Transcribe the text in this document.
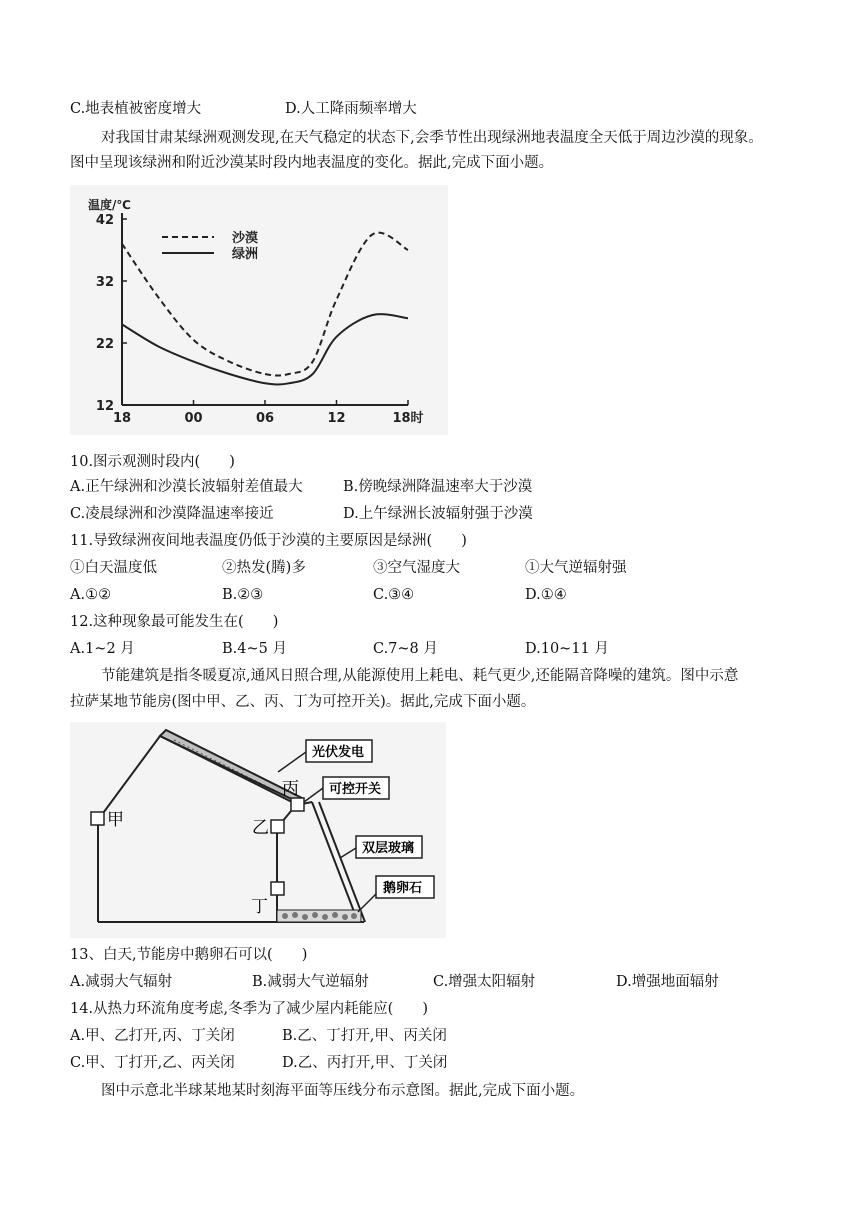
C.地表植被密度增大	D.人工降雨频率增大
对我国甘肃某绿洲观测发现,在天气稳定的状态下,会季节性出现绿洲地表温度全天低于周边沙漠的现象。
图中呈现该绿洲和附近沙漠某时段内地表温度的变化。据此,完成下面小题。
温度/℃
42
32
22
12
18	00	06	12	18时
沙漠
绿洲
10.图示观测时段内(　　)
A.正午绿洲和沙漠长波辐射差值最大	B.傍晚绿洲降温速率大于沙漠
C.凌晨绿洲和沙漠降温速率接近	D.上午绿洲长波辐射强于沙漠
11.导致绿洲夜间地表温度仍低于沙漠的主要原因是绿洲(　　)
①白天温度低	②热发(腾)多	③空气湿度大	①大气逆辐射强
A.①②	B.②③	C.③④	D.①④
12.这种现象最可能发生在(　　)
A.1~2 月	B.4~5 月	C.7~8 月	D.10~11 月
节能建筑是指冬暖夏凉,通风日照合理,从能源使用上耗电、耗气更少,还能隔音降噪的建筑。图中示意
拉萨某地节能房(图中甲、乙、丙、丁为可控开关)。据此,完成下面小题。
甲	乙
丙
丁
光伏发电
可控开关
双层玻璃
鹅卵石
13、白天,节能房中鹅卵石可以(　　)
A.减弱大气辐射	B.减弱大气逆辐射	C.增强太阳辐射	D.增强地面辐射
14.从热力环流角度考虑,冬季为了减少屋内耗能应(　　)
A.甲、乙打开,丙、丁关闭	B.乙、丁打开,甲、丙关闭
C.甲、丁打开,乙、丙关闭	D.乙、丙打开,甲、丁关闭
图中示意北半球某地某时刻海平面等压线分布示意图。据此,完成下面小题。
